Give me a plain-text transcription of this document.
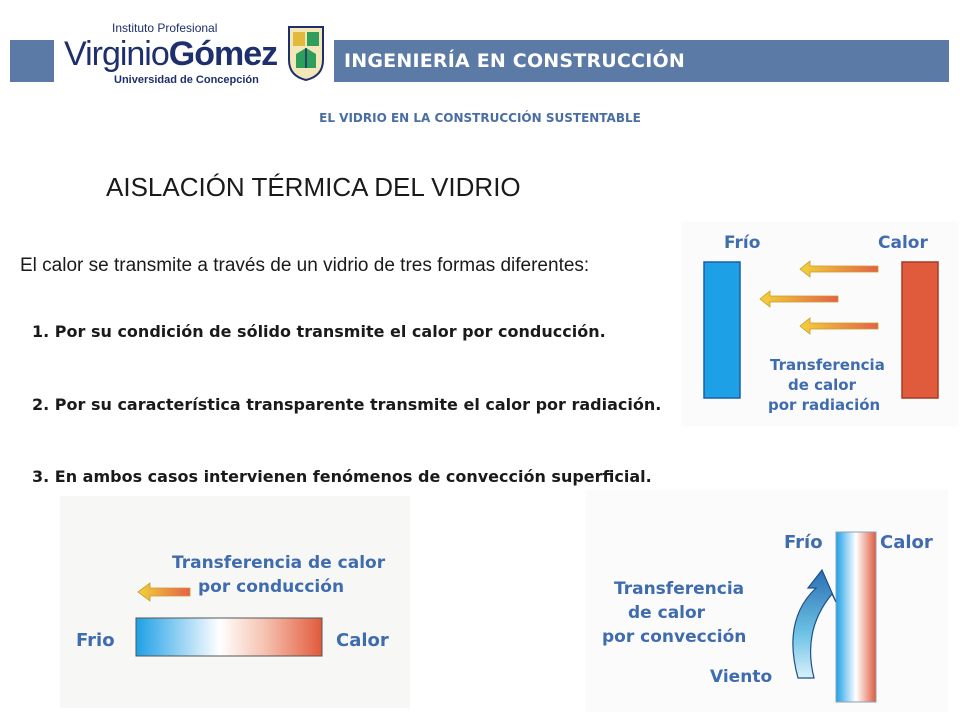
Instituto Profesional
VirginioGómez
Universidad de Concepción
INGENIERÍA EN CONSTRUCCIÓN
EL VIDRIO EN LA CONSTRUCCIÓN SUSTENTABLE
AISLACIÓN TÉRMICA DEL VIDRIO
El calor se transmite a través de un vidrio de tres formas diferentes:
1. Por su condición de sólido transmite el calor por conducción.
2. Por su característica transparente transmite el calor por radiación.
3. En ambos casos intervienen fenómenos de convección superficial.
Frío	Calor
Transferencia
de calor
por radiación
Transferencia de calor
por conducción
Frio	Calor
Frío	Calor
Transferencia
de calor
por convección
Viento
